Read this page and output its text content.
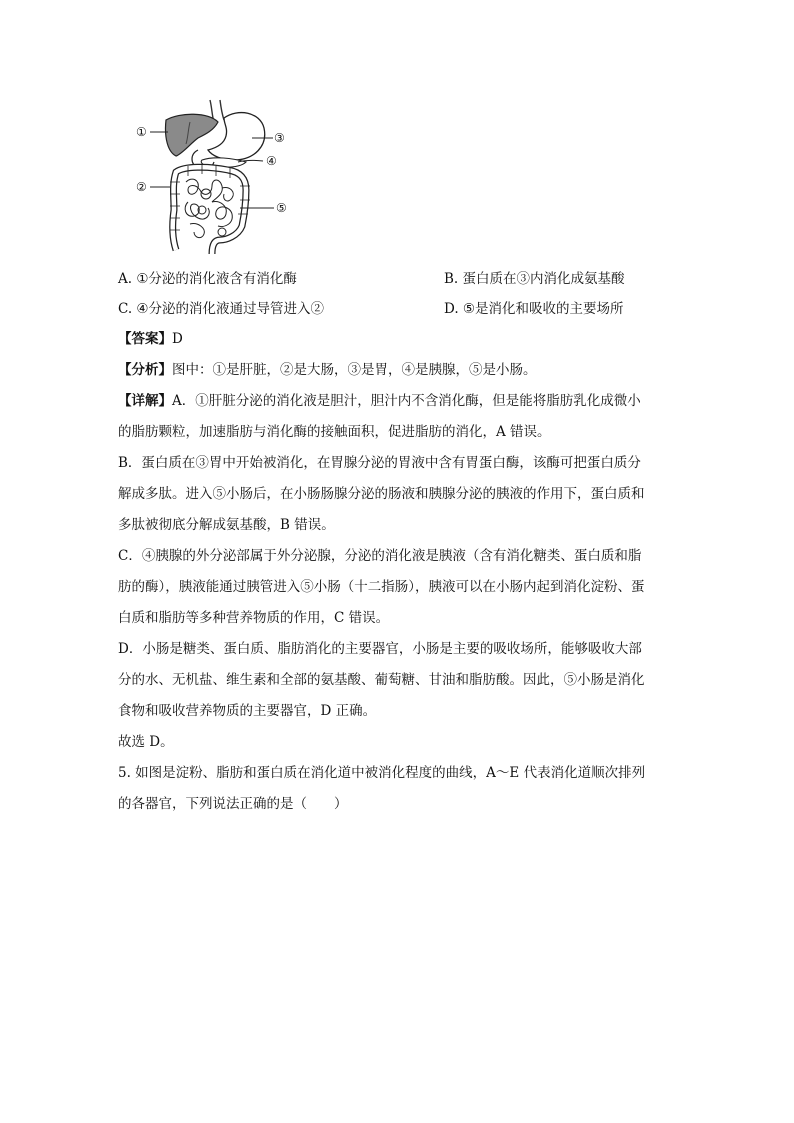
①
②
③
④
⑤
A. ①分泌的消化液含有消化酶	B. 蛋白质在③内消化成氨基酸
C. ④分泌的消化液通过导管进入②	D. ⑤是消化和吸收的主要场所

【答案】D

【分析】图中：①是肝脏，②是大肠，③是胃，④是胰腺，⑤是小肠。

【详解】A．①肝脏分泌的消化液是胆汁，胆汁内不含消化酶，但是能将脂肪乳化成微小

的脂肪颗粒，加速脂肪与消化酶的接触面积，促进脂肪的消化，A 错误。

B．蛋白质在③胃中开始被消化，在胃腺分泌的胃液中含有胃蛋白酶，该酶可把蛋白质分

解成多肽。进入⑤小肠后，在小肠肠腺分泌的肠液和胰腺分泌的胰液的作用下，蛋白质和

多肽被彻底分解成氨基酸，B 错误。

C．④胰腺的外分泌部属于外分泌腺，分泌的消化液是胰液（含有消化糖类、蛋白质和脂

肪的酶），胰液能通过胰管进入⑤小肠（十二指肠），胰液可以在小肠内起到消化淀粉、蛋

白质和脂肪等多种营养物质的作用，C 错误。

D．小肠是糖类、蛋白质、脂肪消化的主要器官，小肠是主要的吸收场所，能够吸收大部

分的水、无机盐、维生素和全部的氨基酸、葡萄糖、甘油和脂肪酸。因此，⑤小肠是消化

食物和吸收营养物质的主要器官，D 正确。

故选 D。

5. 如图是淀粉、脂肪和蛋白质在消化道中被消化程度的曲线，A～E 代表消化道顺次排列

的各器官，下列说法正确的是（　　）
